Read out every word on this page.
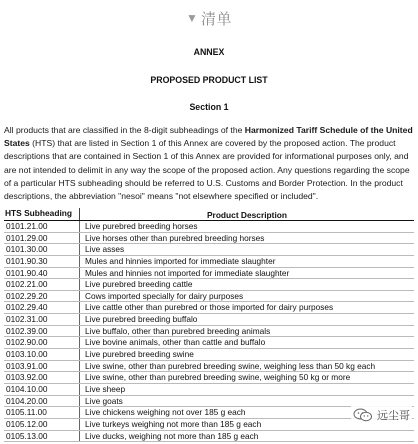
▼ 清单
ANNEX
PROPOSED PRODUCT LIST
Section 1

All products that are classified in the 8-digit subheadings of the Harmonized Tariff Schedule of the United States (HTS) that are listed in Section 1 of this Annex are covered by the proposed action. The product descriptions that are contained in Section 1 of this Annex are provided for informational purposes only, and are not intended to delimit in any way the scope of the proposed action. Any questions regarding the scope of a particular HTS subheading should be referred to U.S. Customs and Border Protection. In the product descriptions, the abbreviation "nesoi" means "not elsewhere specified or included".

HTS Subheading	Product Description
0101.21.00	Live purebred breeding horses
0101.29.00	Live horses other than purebred breeding horses
0101.30.00	Live asses
0101.90.30	Mules and hinnies imported for immediate slaughter
0101.90.40	Mules and hinnies not imported for immediate slaughter
0102.21.00	Live purebred breeding cattle
0102.29.20	Cows imported specially for dairy purposes
0102.29.40	Live cattle other than purebred or those imported for dairy purposes
0102.31.00	Live purebred breeding buffalo
0102.39.00	Live buffalo, other than purebred breeding animals
0102.90.00	Live bovine animals, other than cattle and buffalo
0103.10.00	Live purebred breeding swine
0103.91.00	Live swine, other than purebred breeding swine, weighing less than 50 kg each
0103.92.00	Live swine, other than purebred breeding swine, weighing 50 kg or more
0104.10.00	Live sheep
0104.20.00	Live goats
0105.11.00	Live chickens weighing not over 185 g each
0105.12.00	Live turkeys weighing not more than 185 g each
0105.13.00	Live ducks, weighing not more than 185 g each
远尘哥
